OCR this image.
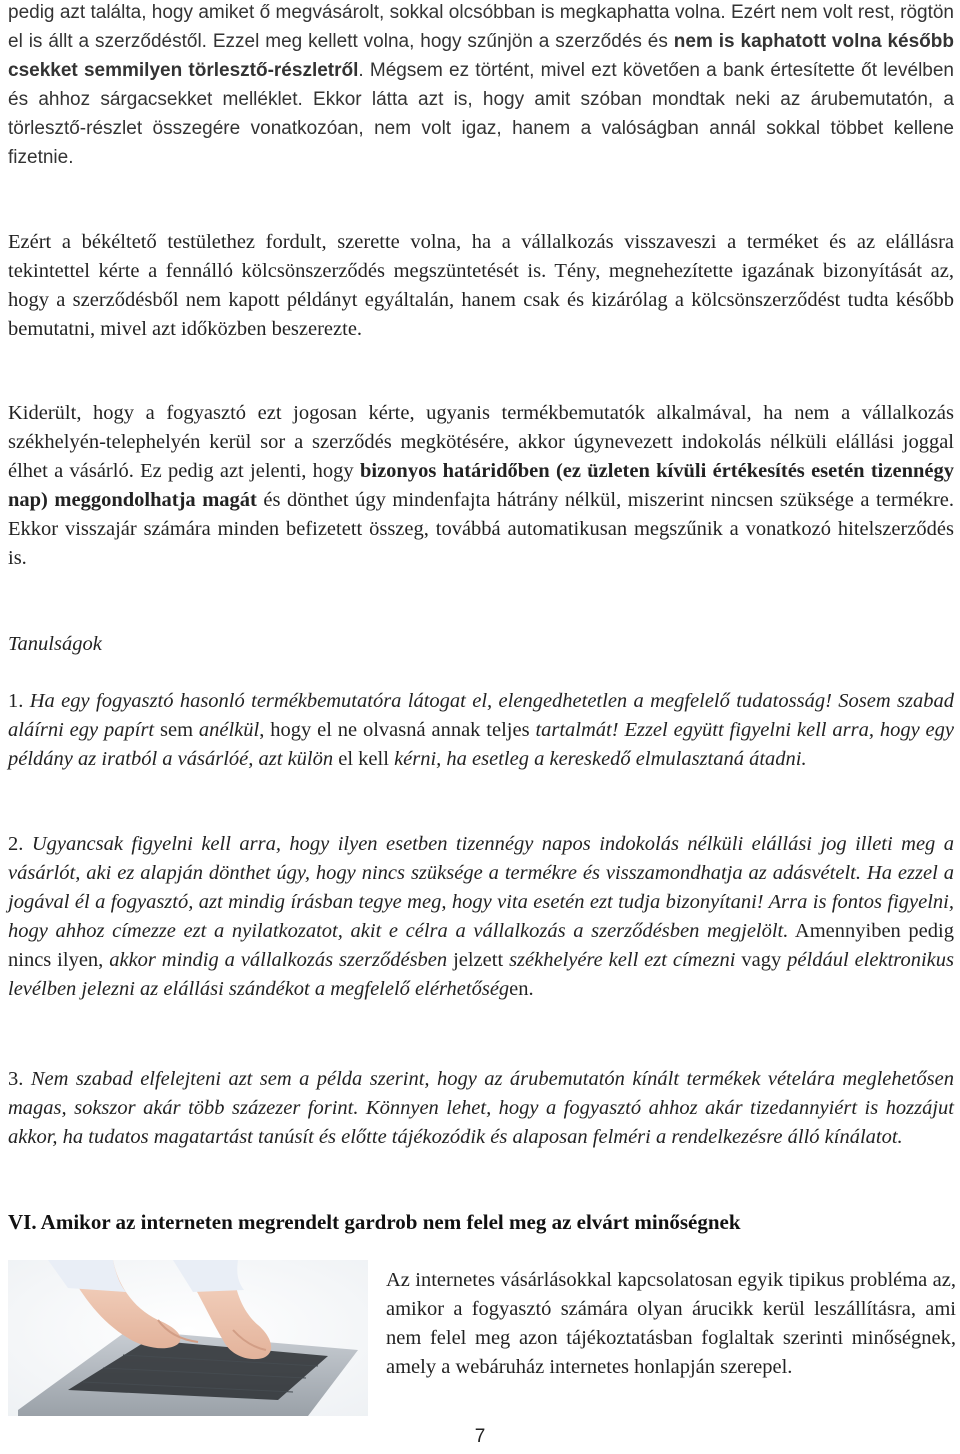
pedig azt találta, hogy amiket ő megvásárolt, sokkal olcsóbban is megkaphatta volna. Ezért nem volt rest, rögtön el is állt a szerződéstől. Ezzel meg kellett volna, hogy szűnjön a szerződés és nem is kaphatott volna később csekket semmilyen törlesztő-részletről. Mégsem ez történt, mivel ezt követően a bank értesítette őt levélben és ahhoz sárgacsekket melléklet. Ekkor látta azt is, hogy amit szóban mondtak neki az árubemutatón, a törlesztő-részlet összegére vonatkozóan, nem volt igaz, hanem a valóságban annál sokkal többet kellene fizetnie.

Ezért a békéltető testülethez fordult, szerette volna, ha a vállalkozás visszaveszi a terméket és az elállásra tekintettel kérte a fennálló kölcsönszerződés megszüntetését is. Tény, megnehezítette igazának bizonyítását az, hogy a szerződésből nem kapott példányt egyáltalán, hanem csak és kizárólag a kölcsönszerződést tudta később bemutatni, mivel azt időközben beszerezte.

Kiderült, hogy a fogyasztó ezt jogosan kérte, ugyanis termékbemutatók alkalmával, ha nem a vállalkozás székhelyén-telephelyén kerül sor a szerződés megkötésére, akkor úgynevezett indokolás nélküli elállási joggal élhet a vásárló. Ez pedig azt jelenti, hogy bizonyos határidőben (ez üzleten kívüli értékesítés esetén tizennégy nap) meggondolhatja magát és dönthet úgy mindenfajta hátrány nélkül, miszerint nincsen szüksége a termékre. Ekkor visszajár számára minden befizetett összeg, továbbá automatikusan megszűnik a vonatkozó hitelszerződés is.

Tanulságok

1. Ha egy fogyasztó hasonló termékbemutatóra látogat el, elengedhetetlen a megfelelő tudatosság! Sosem szabad aláírni egy papírt sem anélkül, hogy el ne olvasná annak teljes tartalmát! Ezzel együtt figyelni kell arra, hogy egy példány az iratból a vásárlóé, azt külön el kell kérni, ha esetleg a kereskedő elmulasztaná átadni.

2. Ugyancsak figyelni kell arra, hogy ilyen esetben tizennégy napos indokolás nélküli elállási jog illeti meg a vásárlót, aki ez alapján dönthet úgy, hogy nincs szüksége a termékre és visszamondhatja az adásvételt. Ha ezzel a jogával él a fogyasztó, azt mindig írásban tegye meg, hogy vita esetén ezt tudja bizonyítani! Arra is fontos figyelni, hogy ahhoz címezze ezt a nyilatkozatot, akit e célra a vállalkozás a szerződésben megjelölt. Amennyiben pedig nincs ilyen, akkor mindig a vállalkozás szerződésben jelzett székhelyére kell ezt címezni vagy például elektronikus levélben jelezni az elállási szándékot a megfelelő elérhetőségen.

3. Nem szabad elfelejteni azt sem a példa szerint, hogy az árubemutatón kínált termékek vételára meglehetősen magas, sokszor akár több százezer forint. Könnyen lehet, hogy a fogyasztó ahhoz akár tizedannyiért is hozzájut akkor, ha tudatos magatartást tanúsít és előtte tájékozódik és alaposan felméri a rendelkezésre álló kínálatot.

VI. Amikor az interneten megrendelt gardrob nem felel meg az elvárt minőségnek

Az internetes vásárlásokkal kapcsolatosan egyik tipikus probléma az, amikor a fogyasztó számára olyan árucikk kerül leszállításra, ami nem felel meg azon tájékoztatásban foglaltak szerinti minőségnek, amely a webáruház internetes honlapján szerepel.

7
